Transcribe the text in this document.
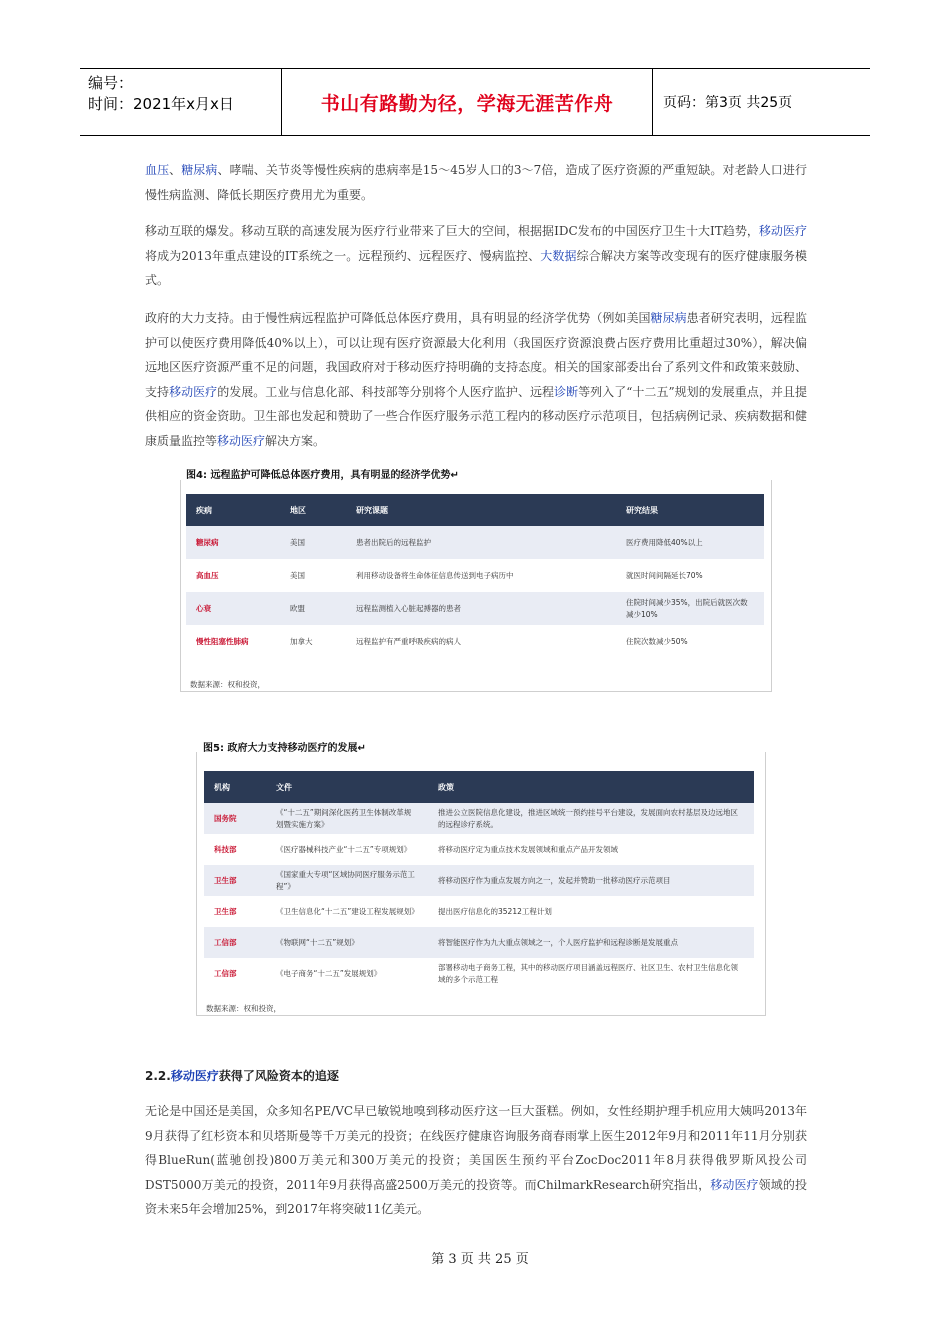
编号：
时间：2021年x月x日	书山有路勤为径，学海无涯苦作舟	页码：第3页 共25页
血压、糖尿病、哮喘、关节炎等慢性疾病的患病率是15～45岁人口的3～7倍，造成了医疗资源的严重短缺。对老龄人口进行慢性病监测、降低长期医疗费用尤为重要。
移动互联的爆发。移动互联的高速发展为医疗行业带来了巨大的空间，根据据IDC发布的中国医疗卫生十大IT趋势，移动医疗将成为2013年重点建设的IT系统之一。远程预约、远程医疗、慢病监控、大数据综合解决方案等改变现有的医疗健康服务模式。
政府的大力支持。由于慢性病远程监护可降低总体医疗费用，具有明显的经济学优势（例如美国糖尿病患者研究表明，远程监护可以使医疗费用降低40%以上），可以让现有医疗资源最大化利用（我国医疗资源浪费占医疗费用比重超过30%），解决偏远地区医疗资源严重不足的问题，我国政府对于移动医疗持明确的支持态度。相关的国家部委出台了系列文件和政策来鼓励、支持移动医疗的发展。工业与信息化部、科技部等分别将个人医疗监护、远程诊断等列入了“十二五”规划的发展重点，并且提供相应的资金资助。卫生部也发起和赞助了一些合作医疗服务示范工程内的移动医疗示范项目，包括病例记录、疾病数据和健康质量监控等移动医疗解决方案。
图4: 远程监护可降低总体医疗费用，具有明显的经济学优势↵
疾病	地区	研究课题	研究结果
糖尿病	美国	患者出院后的远程监护	医疗费用降低40%以上
高血压	美国	利用移动设备将生命体征信息传送到电子病历中	就医时间间隔延长70%
心衰	欧盟	远程监测植入心脏起搏器的患者	住院时间减少35%，出院后就医次数减少10%
慢性阻塞性肺病	加拿大	远程监护有严重呼吸疾病的病人	住院次数减少50%
数据来源：权和投资，
图5: 政府大力支持移动医疗的发展↵
机构	文件	政策
国务院	《“十二五”期间深化医药卫生体制改革规划暨实施方案》	推进公立医院信息化建设，推进区域统一预约挂号平台建设，发展面向农村基层及边远地区的远程诊疗系统。
科技部	《医疗器械科技产业“十二五”专项规划》	将移动医疗定为重点技术发展领域和重点产品开发领域
卫生部	《国家重大专项“区域协同医疗服务示范工程”》	将移动医疗作为重点发展方向之一，发起并赞助一批移动医疗示范项目
卫生部	《卫生信息化“十二五”建设工程发展规划》	提出医疗信息化的35212工程计划
工信部	《物联网“十二五”规划》	将智能医疗作为九大重点领域之一，个人医疗监护和远程诊断是发展重点
工信部	《电子商务“十二五”发展规划》	部署移动电子商务工程，其中的移动医疗项目涵盖远程医疗、社区卫生、农村卫生信息化领域的多个示范工程
数据来源：权和投资，
2.2.移动医疗获得了风险资本的追逐
无论是中国还是美国，众多知名PE/VC早已敏锐地嗅到移动医疗这一巨大蛋糕。例如，女性经期护理手机应用大姨吗2013年9月获得了红杉资本和贝塔斯曼等千万美元的投资；在线医疗健康咨询服务商春雨掌上医生2012年9月和2011年11月分别获得BlueRun(蓝驰创投)800万美元和300万美元的投资；美国医生预约平台ZocDoc2011年8月获得俄罗斯风投公司DST5000万美元的投资，2011年9月获得高盛2500万美元的投资等。而ChilmarkResearch研究指出，移动医疗领域的投资未来5年会增加25%，到2017年将突破11亿美元。
第 3 页 共 25 页
